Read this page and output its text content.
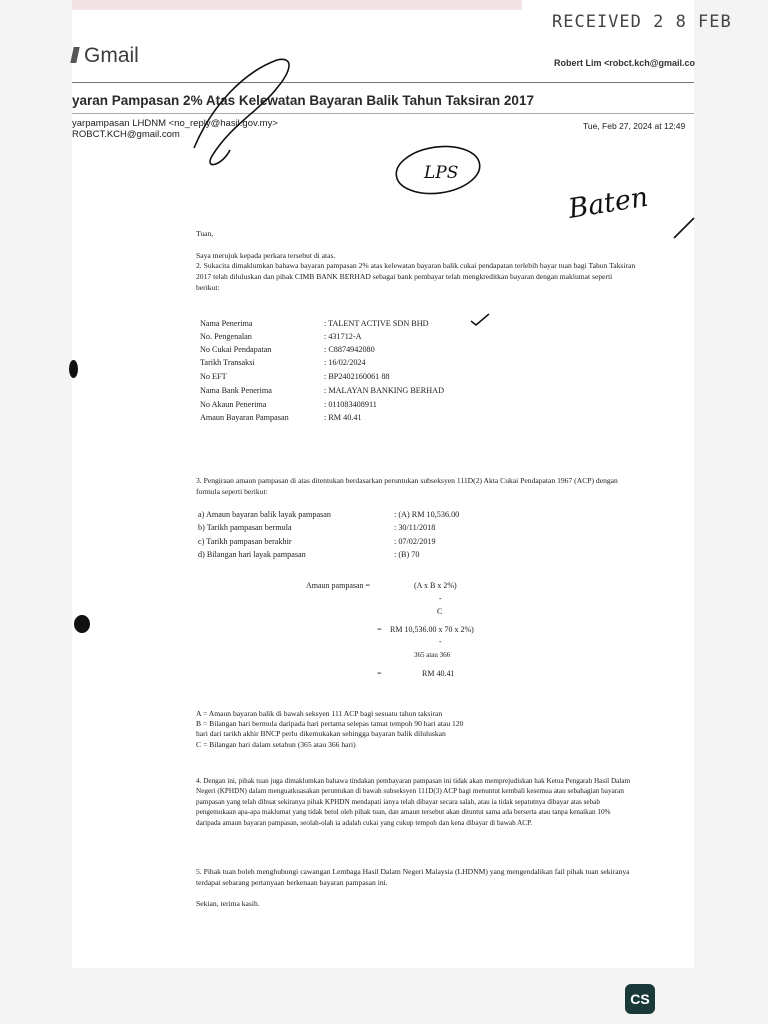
RECEIVED 2 8 FEB
Gmail	Robert Lim <robct.kch@gmail.co
yaran Pampasan 2% Atas Kelewatan Bayaran Balik Tahun Taksiran 2017
yarpampasan LHDNM <no_reply@hasil.gov.my>
ROBCT.KCH@gmail.com
Tue, Feb 27, 2024 at 12:49
LPS
Baten
Tuan,
Saya merujuk kepada perkara tersebut di atas.
2. Sukacita dimaklumkan bahawa bayaran pampasan 2% atas kelewatan bayaran balik cukai pendapatan terlebih bayar tuan bagi Tahun Taksiran 2017 telah diluluskan dan pihak CIMB BANK BERHAD sebagai bank pembayar telah mengkreditkan bayaran dengan maklumat seperti berikut:
Nama Penerima	: TALENT ACTIVE SDN BHD
No. Pengenalan	: 431712-A
No Cukai Pendapatan	: C8874942080
Tarikh Transaksi	: 16/02/2024
No EFT	: BP2402160061 88
Nama Bank Penerima	: MALAYAN BANKING BERHAD
No Akaun Penerima	: 011083408911
Amaun Bayaran Pampasan	: RM 40.41
3. Pengiraan amaun pampasan di atas ditentukan berdasarkan peruntukan subseksyen 111D(2) Akta Cukai Pendapatan 1967 (ACP) dengan formula seperti berikut:
a) Amaun bayaran balik layak pampasan	: (A) RM 10,536.00
b) Tarikh pampasan bermula	: 30/11/2018
c) Tarikh pampasan berakhir	: 07/02/2019
d) Bilangan hari layak pampasan	: (B) 70
Amaun pampasan =	(A x B x 2%)
-
C
= RM 10,536.00 x 70 x 2%)
-
365 atau 366
=	RM 40.41
A = Amaun bayaran balik di bawah seksyen 111 ACP bagi sesuatu tahun taksiran
B = Bilangan hari bermula daripada hari pertama selepas tamat tempoh 90 hari atau 120
hari dari tarikh akhir BNCP perlu dikemukakan sehingga bayaran balik diluluskan
C = Bilangan hari dalam setahun (365 atau 366 hari)
4. Dengan ini, pihak tuan juga dimaklumkan bahawa tindakan pembayaran pampasan ini tidak akan memprejudiskan hak Ketua Pengarah Hasil Dalam Negeri (KPHDN) dalam menguatkuasakan peruntukan di bawah subseksyen 111D(3) ACP bagi menuntut kembali kesemua atau sebahagian bayaran pampasan yang telah dibuat sekiranya pihak KPHDN mendapati ianya telah dibayar secara salah, atau ia tidak sepatutnya dibayar atas sebab pengemukaan apa-apa maklumat yang tidak betul oleh pihak tuan, dan amaun tersebut akan dituntut sama ada berserta atau tanpa kenaikan 10% daripada amaun bayaran pampasan, seolah-olah ia adalah cukai yang cukup tempoh dan kena dibayar di bawah ACP.
5. Pihak tuan boleh menghubungi cawangan Lembaga Hasil Dalam Negeri Malaysia (LHDNM) yang mengendalikan fail pihak tuan sekiranya terdapat sebarang pertanyaan berkenaan bayaran pampasan ini.
Sekian, terima kasih.
CS
